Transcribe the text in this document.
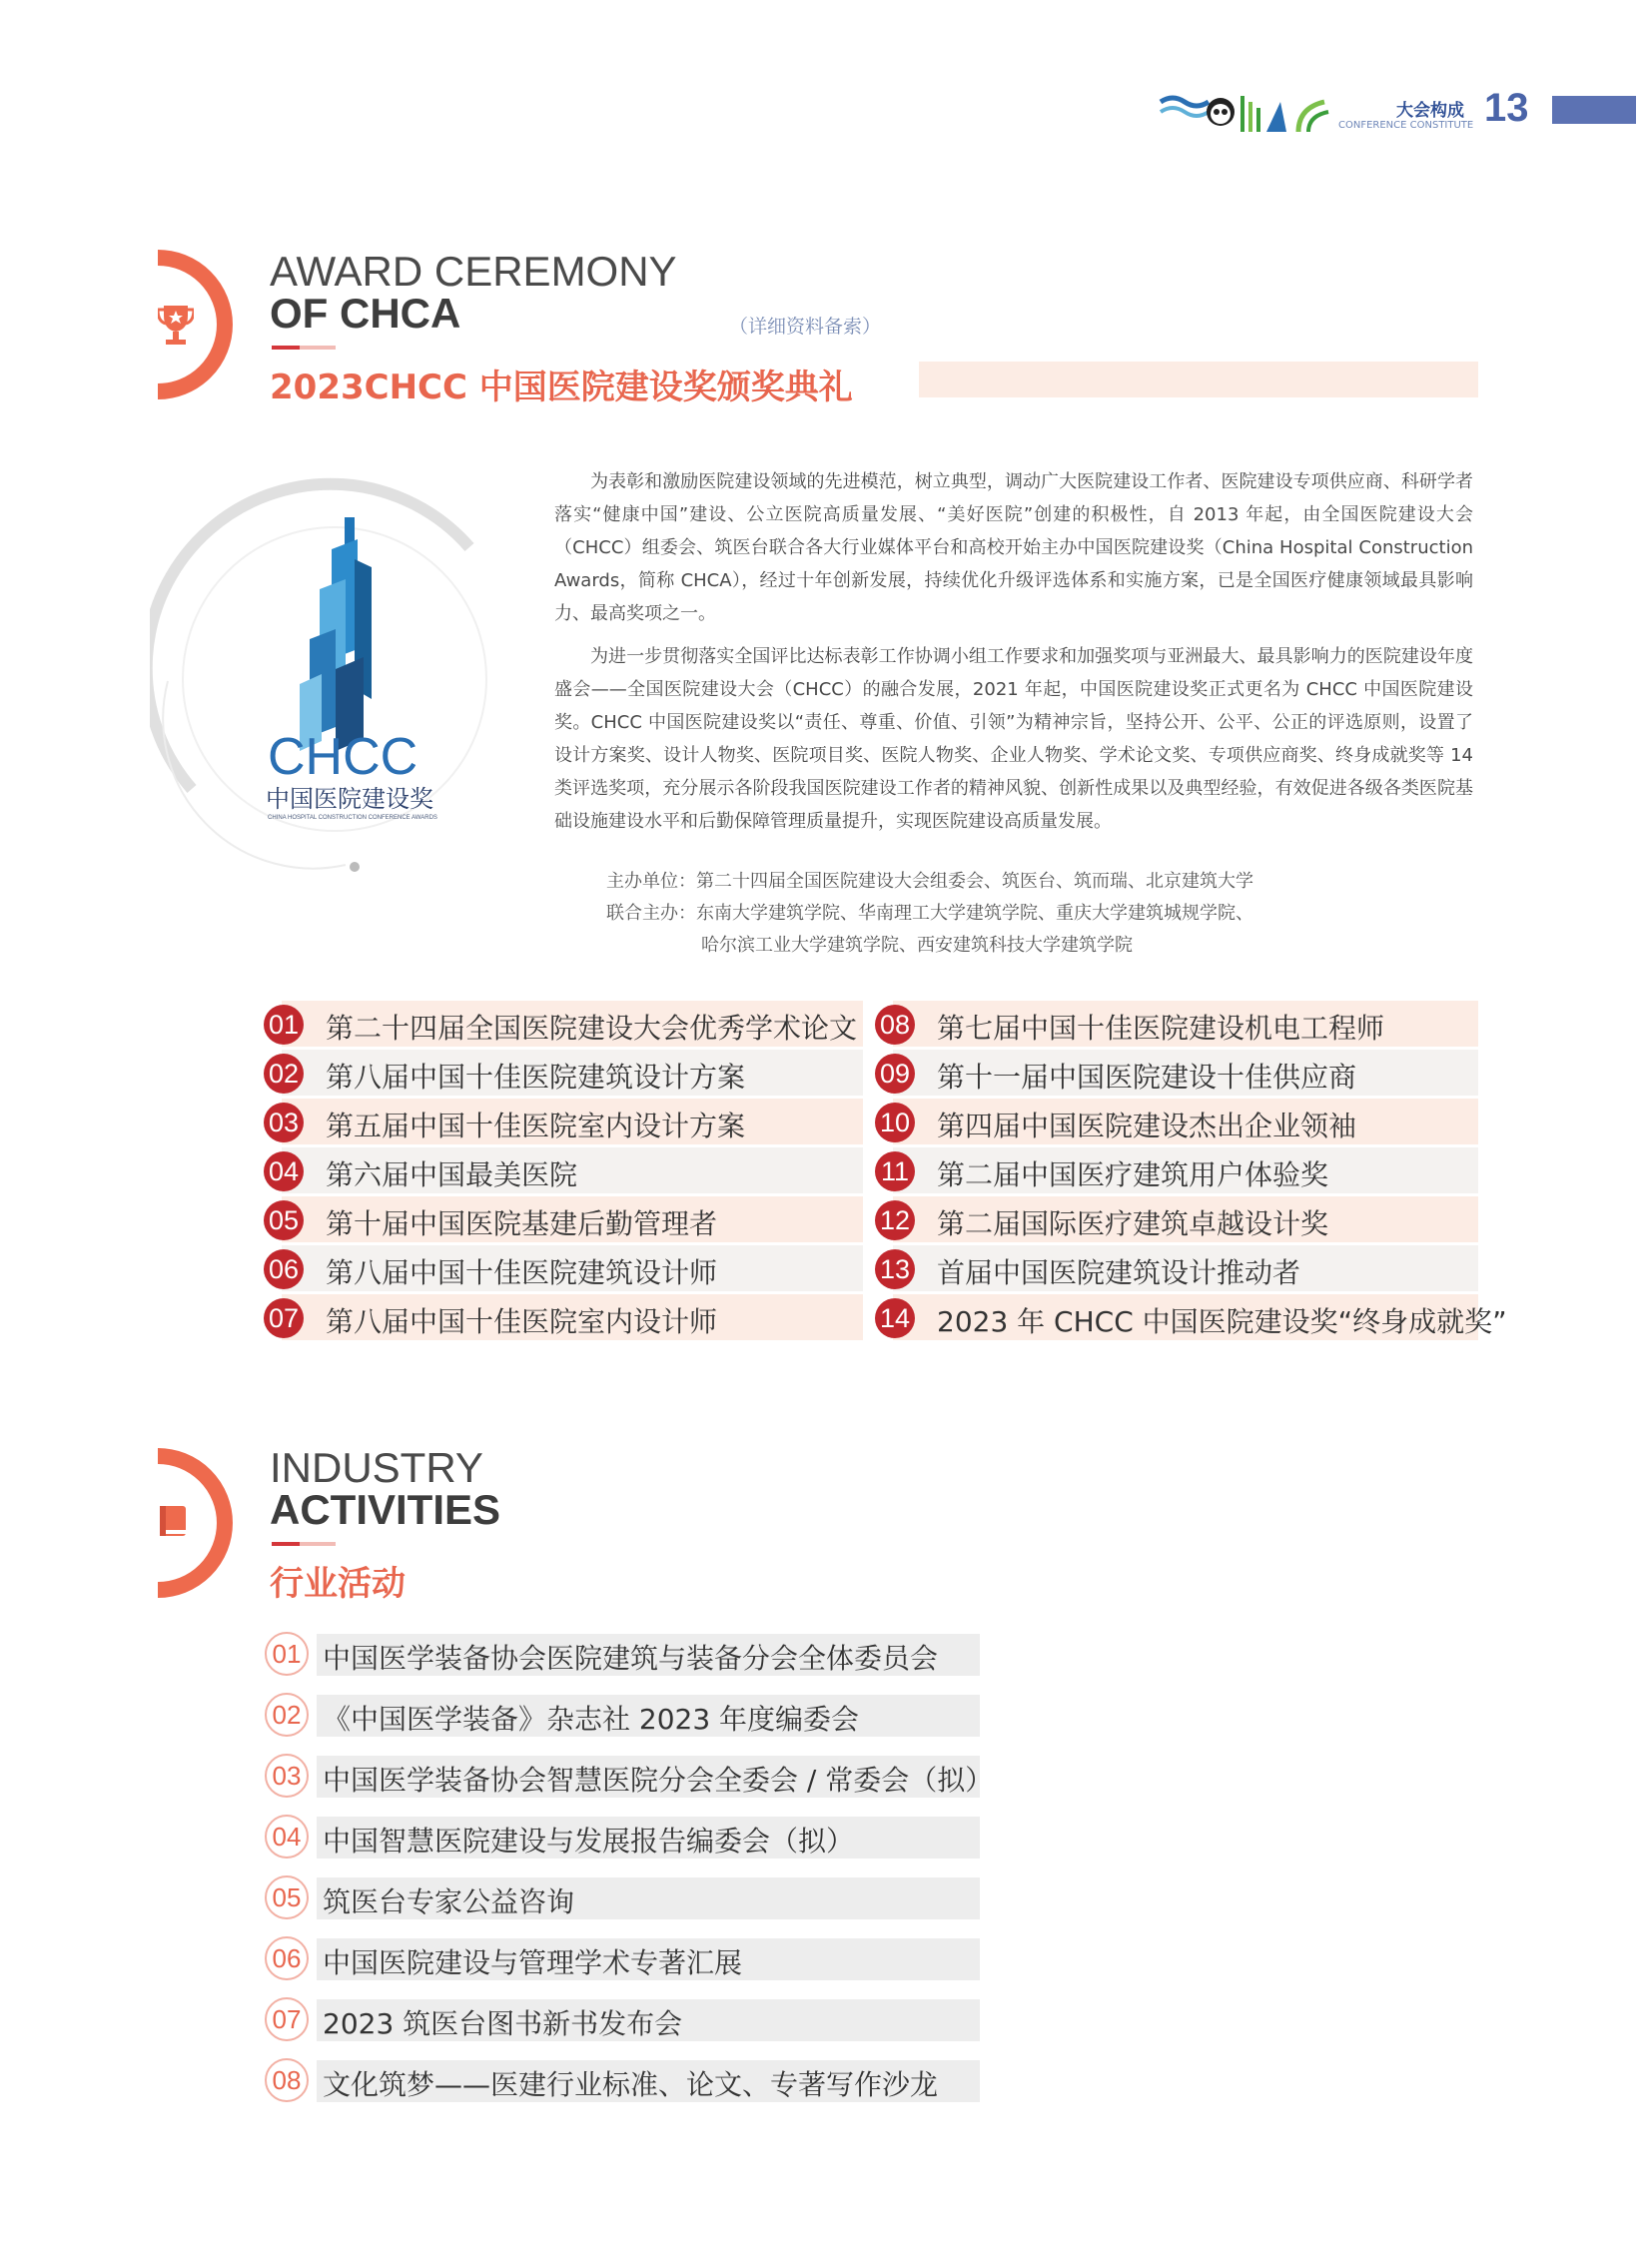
大会构成
CONFERENCE CONSTITUTE 13
AWARD CEREMONY
OF CHCA	（详细资料备索）
2023CHCC 中国医院建设奖颁奖典礼
CHCC
中国医院建设奖
CHINA HOSPITAL CONSTRUCTION CONFERENCE AWARDS

为表彰和激励医院建设领域的先进模范，树立典型，调动广大医院建设工作者、医院建设专项供应商、科研学者落实“健康中国”建设、公立医院高质量发展、“美好医院”创建的积极性，自 2013 年起，由全国医院建设大会（CHCC）组委会、筑医台联合各大行业媒体平台和高校开始主办中国医院建设奖（China Hospital Construction Awards，简称 CHCA），经过十年创新发展，持续优化升级评选体系和实施方案，已是全国医疗健康领域最具影响力、最高奖项之一。

为进一步贯彻落实全国评比达标表彰工作协调小组工作要求和加强奖项与亚洲最大、最具影响力的医院建设年度盛会——全国医院建设大会（CHCC）的融合发展，2021 年起，中国医院建设奖正式更名为 CHCC 中国医院建设奖。CHCC 中国医院建设奖以“责任、尊重、价值、引领”为精神宗旨，坚持公开、公平、公正的评选原则，设置了设计方案奖、设计人物奖、医院项目奖、医院人物奖、企业人物奖、学术论文奖、专项供应商奖、终身成就奖等 14 类评选奖项，充分展示各阶段我国医院建设工作者的精神风貌、创新性成果以及典型经验，有效促进各级各类医院基础设施建设水平和后勤保障管理质量提升，实现医院建设高质量发展。

主办单位：第二十四届全国医院建设大会组委会、筑医台、筑而瑞、北京建筑大学
联合主办：东南大学建筑学院、华南理工大学建筑学院、重庆大学建筑城规学院、
哈尔滨工业大学建筑学院、西安建筑科技大学建筑学院
01 第二十四届全国医院建设大会优秀学术论文
02 第八届中国十佳医院建筑设计方案
03 第五届中国十佳医院室内设计方案
04 第六届中国最美医院
05 第十届中国医院基建后勤管理者
06 第八届中国十佳医院建筑设计师
07 第八届中国十佳医院室内设计师
08 第七届中国十佳医院建设机电工程师
09 第十一届中国医院建设十佳供应商
10 第四届中国医院建设杰出企业领袖
11 第二届中国医疗建筑用户体验奖
12 第二届国际医疗建筑卓越设计奖
13 首届中国医院建筑设计推动者
14 2023 年 CHCC 中国医院建设奖“终身成就奖”
INDUSTRY
ACTIVITIES
行业活动
01 中国医学装备协会医院建筑与装备分会全体委员会
02 《中国医学装备》杂志社 2023 年度编委会
03 中国医学装备协会智慧医院分会全委会 / 常委会（拟）
04 中国智慧医院建设与发展报告编委会（拟）
05 筑医台专家公益咨询
06 中国医院建设与管理学术专著汇展
07 2023 筑医台图书新书发布会
08 文化筑梦——医建行业标准、论文、专著写作沙龙
